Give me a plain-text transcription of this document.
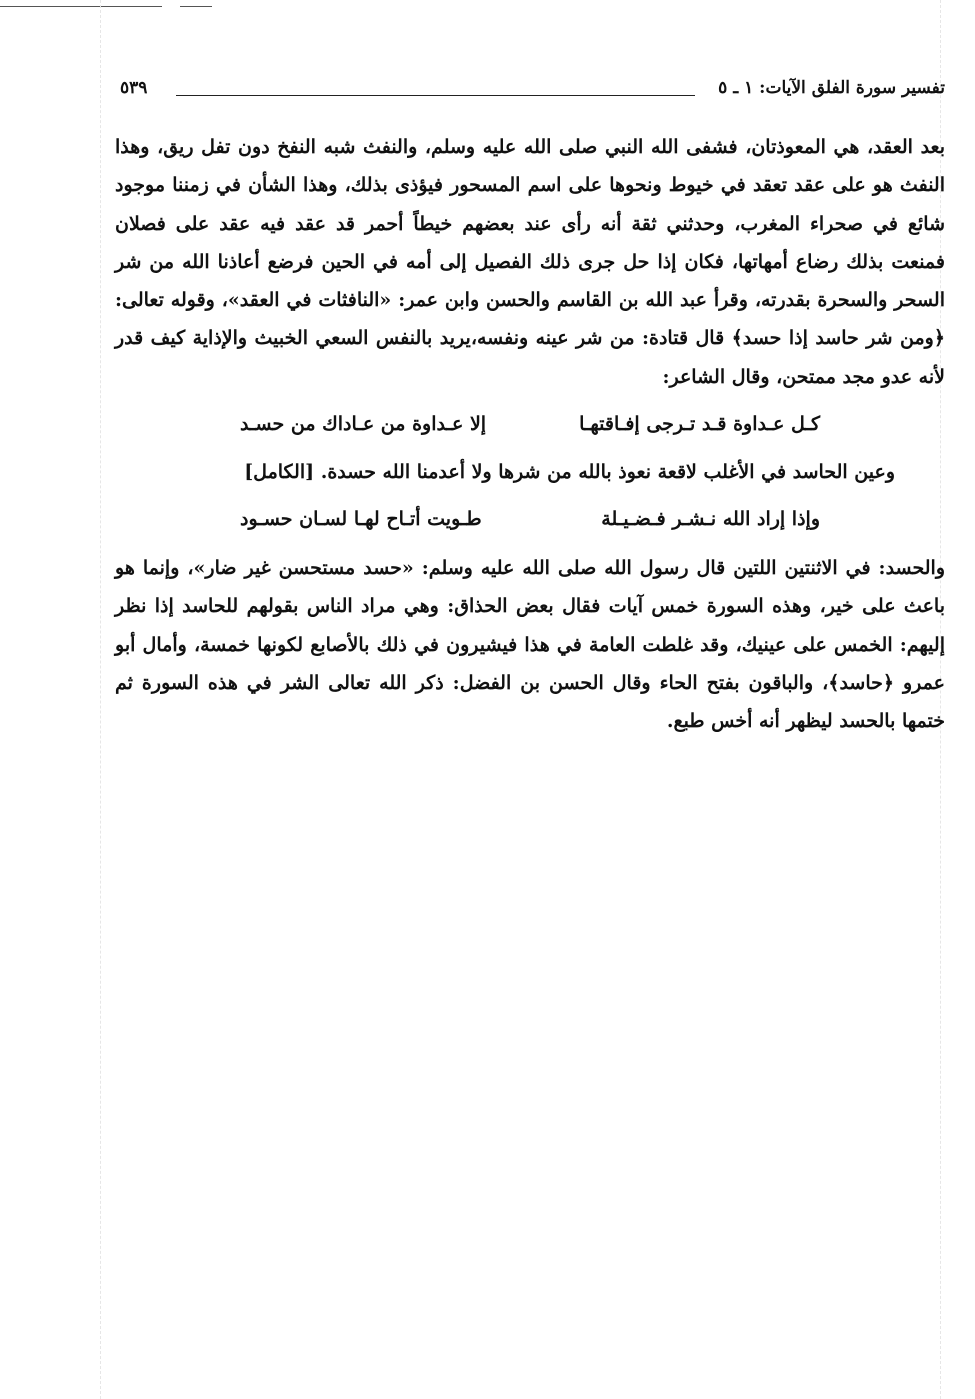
تفسير سورة الفلق الآيات: ١ ـ ٥
٥٣٩
بعد العقد، هي المعوذتان، فشفى الله النبي صلى الله عليه وسلم، والنفث شبه النفخ دون تفل ريق، وهذا النفث هو على عقد تعقد في خيوط ونحوها على اسم المسحور فيؤذى بذلك، وهذا الشأن في زمننا موجود شائع في صحراء المغرب، وحدثني ثقة أنه رأى عند بعضهم خيطاً أحمر قد عقد فيه عقد على فصلان فمنعت بذلك رضاع أمهاتها، فكان إذا حل جرى ذلك الفصيل إلى أمه في الحين فرضع أعاذنا الله من شر السحر والسحرة بقدرته، وقرأ عبد الله بن القاسم والحسن وابن عمر: «النافثات في العقد»، وقوله تعالى: ﴿ومن شر حاسد إذا حسد﴾ قال قتادة: من شر عينه ونفسه،يريد بالنفس السعي الخبيث والإذاية كيف قدر لأنه عدو مجد ممتحن، وقال الشاعر:
كـل عـداوة قـد تـرجى إفـاقتهـا
إلا عـداوة من عـاداك من حسـد
وعين الحاسد في الأغلب لاقعة نعوذ بالله من شرها ولا أعدمنا الله حسدة. [الكامل]
وإذا إراد الله نـشـر فـضـيـلة
طـويت أتـاح لهـا لسـان حسـود
والحسد: في الاثنتين اللتين قال رسول الله صلى الله عليه وسلم: «حسد مستحسن غير ضار»، وإنما هو باعث على خير، وهذه السورة خمس آيات فقال بعض الحذاق: وهي مراد الناس بقولهم للحاسد إذا نظر إليهم: الخمس على عينيك، وقد غلطت العامة في هذا فيشيرون في ذلك بالأصابع لكونها خمسة، وأمال أبو عمرو ﴿حاسد﴾، والباقون بفتح الحاء وقال الحسن بن الفضل: ذكر الله تعالى الشر في هذه السورة ثم ختمها بالحسد ليظهر أنه أخس طبع.
